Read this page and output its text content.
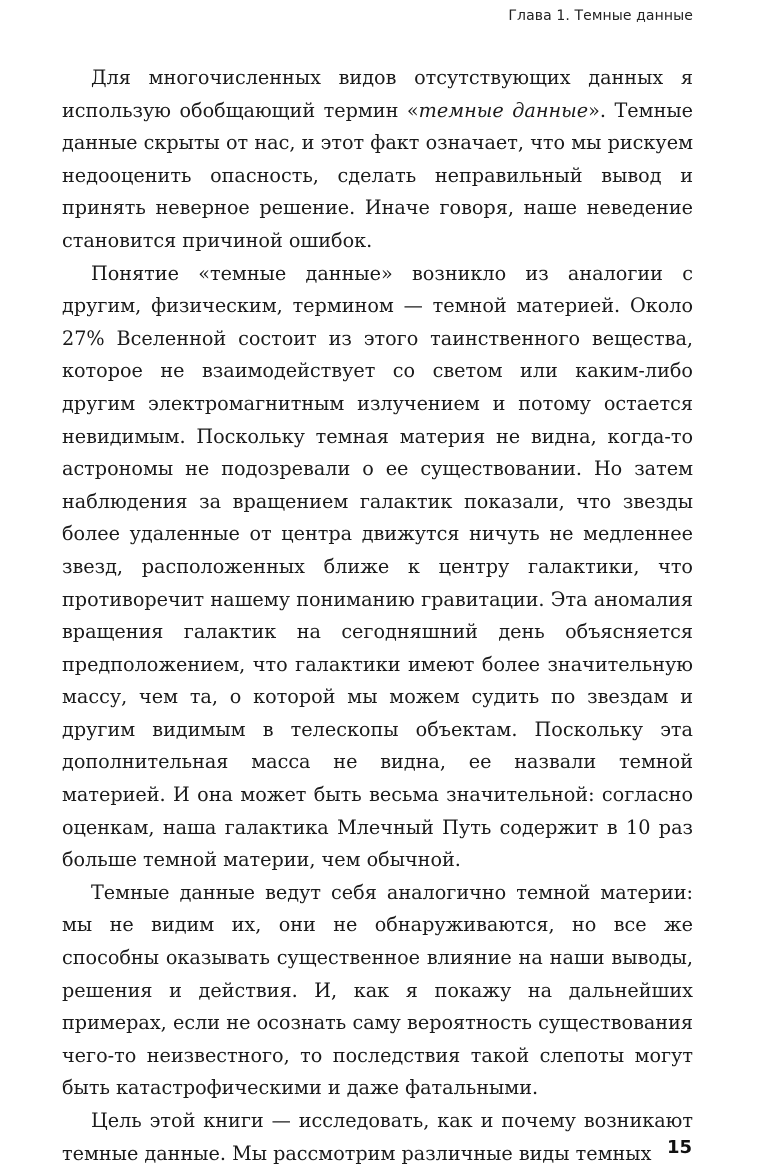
Глава 1. Темные данные

Для многочисленных видов отсутствующих данных я использую обобщающий термин «темные данные». Темные данные скрыты от нас, и этот факт означает, что мы рискуем недооценить опасность, сделать неправильный вывод и принять неверное решение. Иначе говоря, наше неведение становится причиной ошибок.

Понятие «темные данные» возникло из аналогии с другим, физическим, термином — темной материей. Около 27% Вселенной состоит из этого таинственного вещества, которое не взаимодействует со светом или каким-либо другим электромагнитным излучением и потому остается невидимым. Поскольку темная материя не видна, когда-то астрономы не подозревали о ее существовании. Но затем наблюдения за вращением галактик показали, что звезды более удаленные от центра движутся ничуть не медленнее звезд, расположенных ближе к центру галактики, что противоречит нашему пониманию гравитации. Эта аномалия вращения галактик на сегодняшний день объясняется предположением, что галактики имеют более значительную массу, чем та, о которой мы можем судить по звездам и другим видимым в телескопы объектам. Поскольку эта дополнительная масса не видна, ее назвали темной материей. И она может быть весьма значительной: согласно оценкам, наша галактика Млечный Путь содержит в 10 раз больше темной материи, чем обычной.

Темные данные ведут себя аналогично темной материи: мы не видим их, они не обнаруживаются, но все же способны оказывать существенное влияние на наши выводы, решения и действия. И, как я покажу на дальнейших примерах, если не осознать саму вероятность существования чего-то неизвестного, то последствия такой слепоты могут быть катастрофическими и даже фатальными.

Цель этой книги — исследовать, как и почему возникают темные данные. Мы рассмотрим различные виды темных 15
